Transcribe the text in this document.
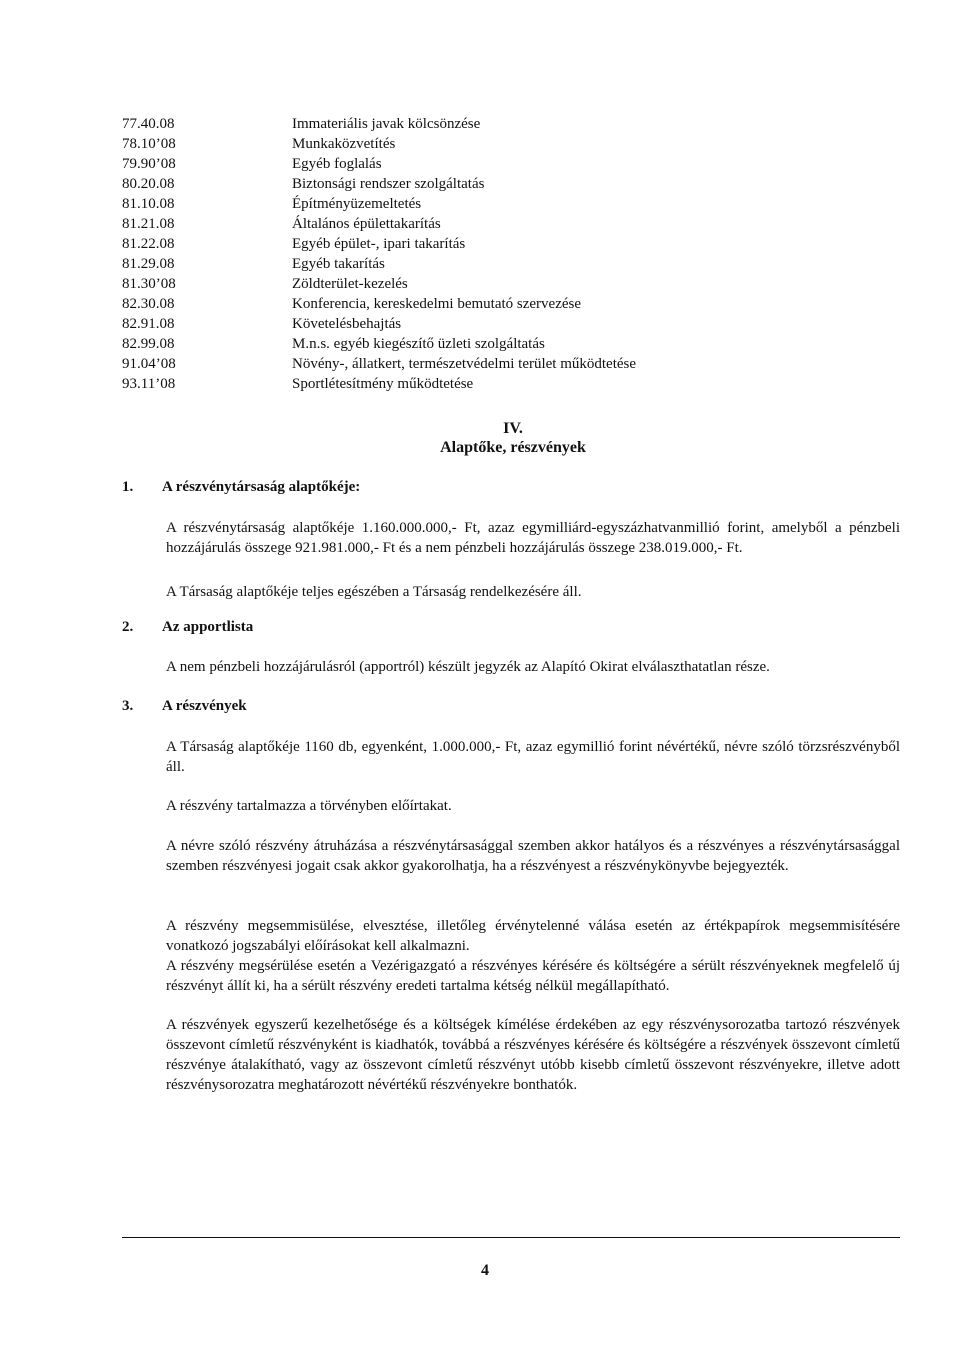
77.40.08	Immateriális javak kölcsönzése
78.10’08	Munkaközvetítés
79.90’08	Egyéb foglalás
80.20.08	Biztonsági rendszer szolgáltatás
81.10.08	Építményüzemeltetés
81.21.08	Általános épülettakarítás
81.22.08	Egyéb épület-, ipari takarítás
81.29.08	Egyéb takarítás
81.30’08	Zöldterület-kezelés
82.30.08	Konferencia, kereskedelmi bemutató szervezése
82.91.08	Követelésbehajtás
82.99.08	M.n.s. egyéb kiegészítő üzleti szolgáltatás
91.04’08	Növény-, állatkert, természetvédelmi terület működtetése
93.11’08	Sportlétesítmény működtetése
IV.
Alaptőke, részvények
1. A részvénytársaság alaptőkéje:

A részvénytársaság alaptőkéje 1.160.000.000,- Ft, azaz egymilliárd-egyszázhatvanmillió forint, amelyből a pénzbeli hozzájárulás összege 921.981.000,- Ft és a nem pénzbeli hozzájárulás összege 238.019.000,- Ft.

A Társaság alaptőkéje teljes egészében a Társaság rendelkezésére áll.

2. Az apportlista

A nem pénzbeli hozzájárulásról (apportról) készült jegyzék az Alapító Okirat elválaszthatatlan része.

3. A részvények

A Társaság alaptőkéje 1160 db, egyenként, 1.000.000,- Ft, azaz egymillió forint névértékű, névre szóló törzsrészvényből áll.

A részvény tartalmazza a törvényben előírtakat.

A névre szóló részvény átruházása a részvénytársasággal szemben akkor hatályos és a részvényes a részvénytársasággal szemben részvényesi jogait csak akkor gyakorolhatja, ha a részvényest a részvénykönyvbe bejegyezték.

A részvény megsemmisülése, elvesztése, illetőleg érvénytelenné válása esetén az értékpapírok megsemmisítésére vonatkozó jogszabályi előírásokat kell alkalmazni.

A részvény megsérülése esetén a Vezérigazgató a részvényes kérésére és költségére a sérült részvényeknek megfelelő új részvényt állít ki, ha a sérült részvény eredeti tartalma kétség nélkül megállapítható.

A részvények egyszerű kezelhetősége és a költségek kímélése érdekében az egy részvénysorozatba tartozó részvények összevont címletű részvényként is kiadhatók, továbbá a részvényes kérésére és költségére a részvények összevont címletű részvénye átalakítható, vagy az összevont címletű részvényt utóbb kisebb címletű összevont részvényekre, illetve adott részvénysorozatra meghatározott névértékű részvényekre bonthatók.

4
